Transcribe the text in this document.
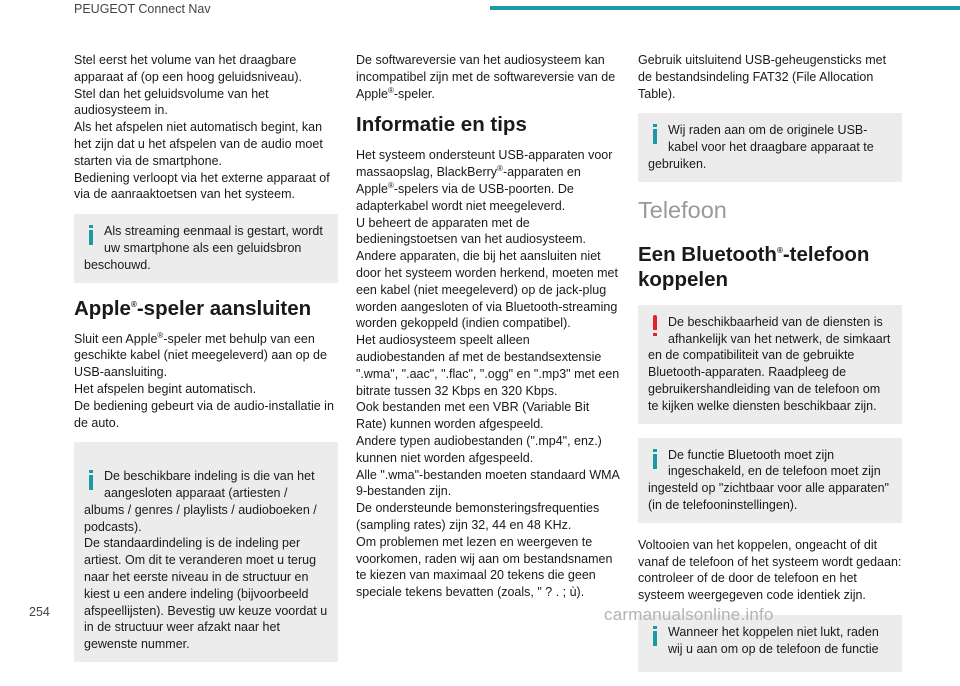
PEUGEOT Connect Nav

Stel eerst het volume van het draagbare apparaat af (op een hoog geluidsniveau).
Stel dan het geluidsvolume van het audiosysteem in.
Als het afspelen niet automatisch begint, kan het zijn dat u het afspelen van de audio moet starten via de smartphone.
Bediening verloopt via het externe apparaat of via de aanraaktoetsen van het systeem.

Als streaming eenmaal is gestart, wordt uw smartphone als een geluidsbron beschouwd.
Apple®-speler aansluiten

Sluit een Apple®-speler met behulp van een geschikte kabel (niet meegeleverd) aan op de USB-aansluiting.
Het afspelen begint automatisch.
De bediening gebeurt via de audio-installatie in de auto.

De beschikbare indeling is die van het aangesloten apparaat (artiesten / albums / genres / playlists / audioboeken / podcasts).
De standaardindeling is de indeling per artiest. Om dit te veranderen moet u terug naar het eerste niveau in de structuur en kiest u een andere indeling (bijvoorbeeld afspeellijsten). Bevestig uw keuze voordat u in de structuur weer afzakt naar het gewenste nummer.

De softwareversie van het audiosysteem kan incompatibel zijn met de softwareversie van de Apple®-speler.

Informatie en tips

Het systeem ondersteunt USB-apparaten voor massaopslag, BlackBerry®-apparaten en Apple®-spelers via de USB-poorten. De adapterkabel wordt niet meegeleverd.
U beheert de apparaten met de bedieningstoetsen van het audiosysteem.
Andere apparaten, die bij het aansluiten niet door het systeem worden herkend, moeten met een kabel (niet meegeleverd) op de jack-plug worden aangesloten of via Bluetooth-streaming worden gekoppeld (indien compatibel).
Het audiosysteem speelt alleen audiobestanden af met de bestandsextensie ".wma", ".aac", ".flac", ".ogg" en ".mp3" met een bitrate tussen 32 Kbps en 320 Kbps.
Ook bestanden met een VBR (Variable Bit Rate) kunnen worden afgespeeld.
Andere typen audiobestanden (".mp4", enz.) kunnen niet worden afgespeeld.
Alle ".wma"-bestanden moeten standaard WMA 9-bestanden zijn.
De ondersteunde bemonsteringsfrequenties (sampling rates) zijn 32, 44 en 48 KHz.
Om problemen met lezen en weergeven te voorkomen, raden wij aan om bestandsnamen te kiezen van maximaal 20 tekens die geen speciale tekens bevatten (zoals, " ? . ; ù).

Gebruik uitsluitend USB-geheugensticks met de bestandsindeling FAT32 (File Allocation Table).

Wij raden aan om de originele USB-kabel voor het draagbare apparaat te gebruiken.
Telefoon
Een Bluetooth®-telefoon koppelen
De beschikbaarheid van de diensten is afhankelijk van het netwerk, de simkaart en de compatibiliteit van de gebruikte Bluetooth-apparaten. Raadpleeg de gebruikershandleiding van de telefoon om te kijken welke diensten beschikbaar zijn.
De functie Bluetooth moet zijn ingeschakeld, en de telefoon moet zijn ingesteld op "zichtbaar voor alle apparaten" (in de telefooninstellingen).

Voltooien van het koppelen, ongeacht of dit vanaf de telefoon of het systeem wordt gedaan: controleer of de door de telefoon en het systeem weergegeven code identiek zijn.

Wanneer het koppelen niet lukt, raden wij u aan om op de telefoon de functie
254	carmanualsonline.info
